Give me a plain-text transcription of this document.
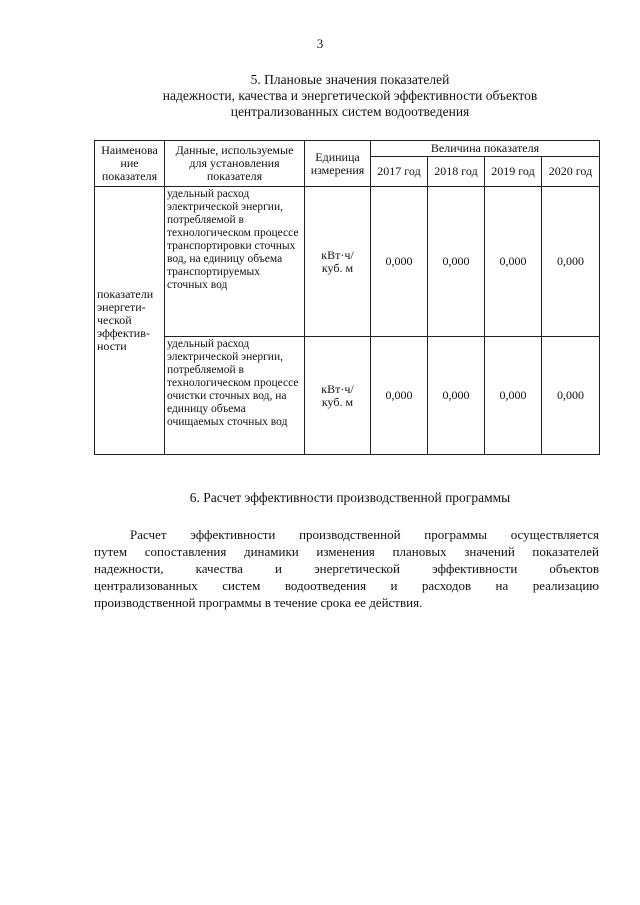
3
5. Плановые значения показателей
надежности, качества и энергетической эффективности объектов
централизованных систем водоотведения
Наименова ние показателя	Данные, используемые для установления показателя	Единица измерения	Величина показателя			
			2017 год	2018 год	2019 год	2020 год

показатели энергети- ческой эффектив- ности	удельный расход электрической энергии, потребляемой в технологическом процессе транспортировки сточных вод, на единицу объема транспортируемых сточных вод	кВт·ч/ куб. м	0,000	0,000	0,000	0,000

	удельный расход электрической энергии, потребляемой в технологическом процессе очистки сточных вод, на единицу объема очищаемых сточных вод	кВт·ч/ куб. м	0,000	0,000	0,000	0,000
6. Расчет эффективности производственной программы
Расчет эффективности производственной программы осуществляется
путем сопоставления динамики изменения плановых значений показателей
надежности, качества и энергетической эффективности объектов
централизованных систем водоотведения и расходов на реализацию
производственной программы в течение срока ее действия.
